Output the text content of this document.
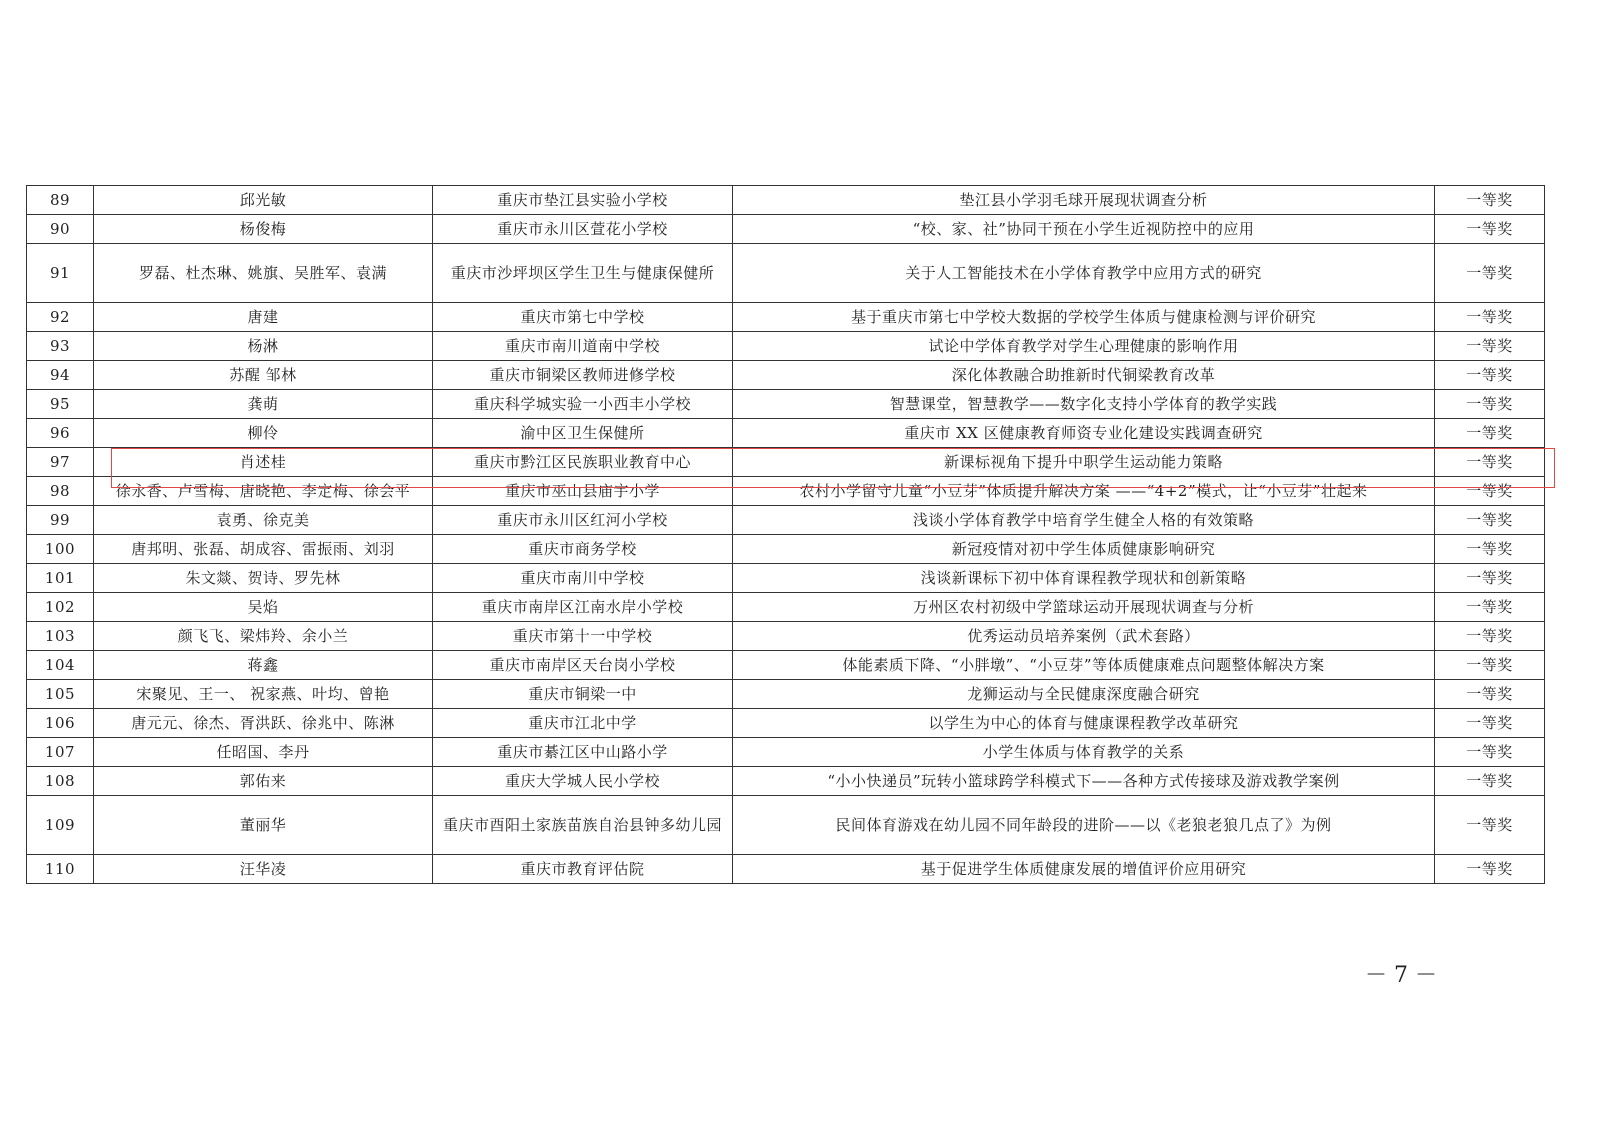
89	邱光敏	重庆市垫江县实验小学校	垫江县小学羽毛球开展现状调查分析	一等奖
90	杨俊梅	重庆市永川区萱花小学校	“校、家、社”协同干预在小学生近视防控中的应用	一等奖
91	罗磊、杜杰琳、姚旗、吴胜军、袁满	重庆市沙坪坝区学生卫生与健康保健所	关于人工智能技术在小学体育教学中应用方式的研究	一等奖
92	唐建	重庆市第七中学校	基于重庆市第七中学校大数据的学校学生体质与健康检测与评价研究	一等奖
93	杨淋	重庆市南川道南中学校	试论中学体育教学对学生心理健康的影响作用	一等奖
94	苏醒 邹林	重庆市铜梁区教师进修学校	深化体教融合助推新时代铜梁教育改革	一等奖
95	龚萌	重庆科学城实验一小西丰小学校	智慧课堂，智慧教学——数字化支持小学体育的教学实践	一等奖
96	柳伶	渝中区卫生保健所	重庆市 XX 区健康教育师资专业化建设实践调查研究	一等奖
97	肖述桂	重庆市黔江区民族职业教育中心	新课标视角下提升中职学生运动能力策略	一等奖
98	徐永香、卢雪梅、唐晓艳、李定梅、徐会平	重庆市巫山县庙宇小学	农村小学留守儿童“小豆芽”体质提升解决方案 ——“4+2”模式，让“小豆芽”壮起来	一等奖
99	袁勇、徐克美	重庆市永川区红河小学校	浅谈小学体育教学中培育学生健全人格的有效策略	一等奖
100	唐邦明、张磊、胡成容、雷振雨、刘羽	重庆市商务学校	新冠疫情对初中学生体质健康影响研究	一等奖
101	朱文燚、贺诗、罗先林	重庆市南川中学校	浅谈新课标下初中体育课程教学现状和创新策略	一等奖
102	吴焰	重庆市南岸区江南水岸小学校	万州区农村初级中学篮球运动开展现状调查与分析	一等奖
103	颜飞飞、梁炜羚、余小兰	重庆市第十一中学校	优秀运动员培养案例（武术套路）	一等奖
104	蒋鑫	重庆市南岸区天台岗小学校	体能素质下降、“小胖墩”、“小豆芽”等体质健康难点问题整体解决方案	一等奖
105	宋聚见、王一、 祝家燕、叶均、曾艳	重庆市铜梁一中	龙狮运动与全民健康深度融合研究	一等奖
106	唐元元、徐杰、胥洪跃、徐兆中、陈淋	重庆市江北中学	以学生为中心的体育与健康课程教学改革研究	一等奖
107	任昭国、李丹	重庆市綦江区中山路小学	小学生体质与体育教学的关系	一等奖
108	郭佑来	重庆大学城人民小学校	“小小快递员”玩转小篮球跨学科模式下——各种方式传接球及游戏教学案例	一等奖
109	董丽华	重庆市酉阳土家族苗族自治县钟多幼儿园	民间体育游戏在幼儿园不同年龄段的进阶——以《老狼老狼几点了》为例	一等奖
110	汪华凌	重庆市教育评估院	基于促进学生体质健康发展的增值评价应用研究	一等奖
－ 7 －
